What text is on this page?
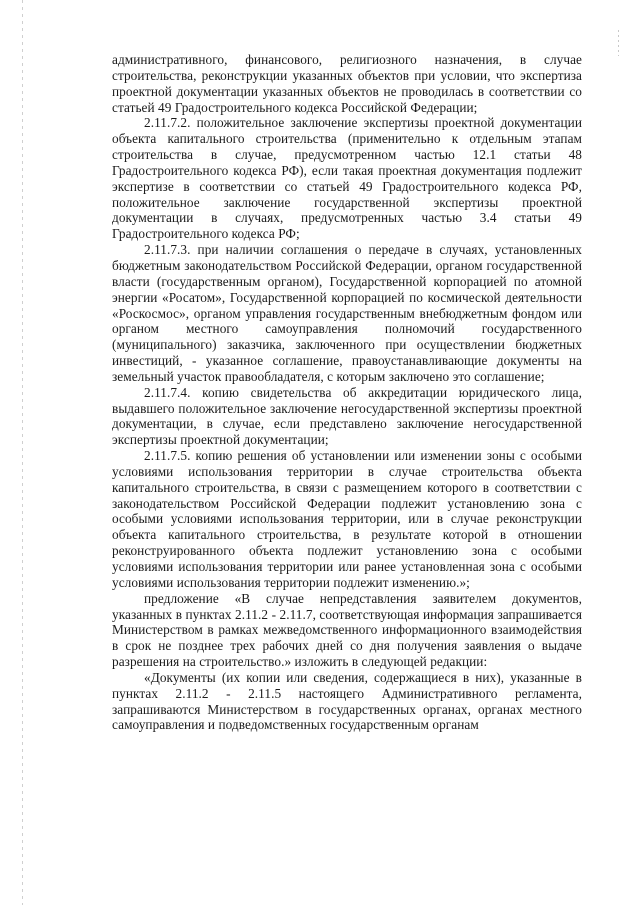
административного, финансового, религиозного назначения, в случае строительства, реконструкции указанных объектов при условии, что экспертиза проектной документации указанных объектов не проводилась в соответствии со статьей 49 Градостроительного кодекса Российской Федерации;

2.11.7.2. положительное заключение экспертизы проектной документации объекта капитального строительства (применительно к отдельным этапам строительства в случае, предусмотренном частью 12.1 статьи 48 Градостроительного кодекса РФ), если такая проектная документация подлежит экспертизе в соответствии со статьей 49 Градостроительного кодекса РФ, положительное заключение государственной экспертизы проектной документации в случаях, предусмотренных частью 3.4 статьи 49 Градостроительного кодекса РФ;

2.11.7.3. при наличии соглашения о передаче в случаях, установленных бюджетным законодательством Российской Федерации, органом государственной власти (государственным органом), Государственной корпорацией по атомной энергии «Росатом», Государственной корпорацией по космической деятельности «Роскосмос», органом управления государственным внебюджетным фондом или органом местного самоуправления полномочий государственного (муниципального) заказчика, заключенного при осуществлении бюджетных инвестиций, - указанное соглашение, правоустанавливающие документы на земельный участок правообладателя, с которым заключено это соглашение;

2.11.7.4. копию свидетельства об аккредитации юридического лица, выдавшего положительное заключение негосударственной экспертизы проектной документации, в случае, если представлено заключение негосударственной экспертизы проектной документации;

2.11.7.5. копию решения об установлении или изменении зоны с особыми условиями использования территории в случае строительства объекта капитального строительства, в связи с размещением которого в соответствии с законодательством Российской Федерации подлежит установлению зона с особыми условиями использования территории, или в случае реконструкции объекта капитального строительства, в результате которой в отношении реконструированного объекта подлежит установлению зона с особыми условиями использования территории или ранее установленная зона с особыми условиями использования территории подлежит изменению.»;

предложение «В случае непредставления заявителем документов, указанных в пунктах 2.11.2 - 2.11.7, соответствующая информация запрашивается Министерством в рамках межведомственного информационного взаимодействия в срок не позднее трех рабочих дней со дня получения заявления о выдаче разрешения на строительство.» изложить в следующей редакции:

«Документы (их копии или сведения, содержащиеся в них), указанные в пунктах 2.11.2 - 2.11.5 настоящего Административного регламента, запрашиваются Министерством в государственных органах, органах местного самоуправления и подведомственных государственным органам
